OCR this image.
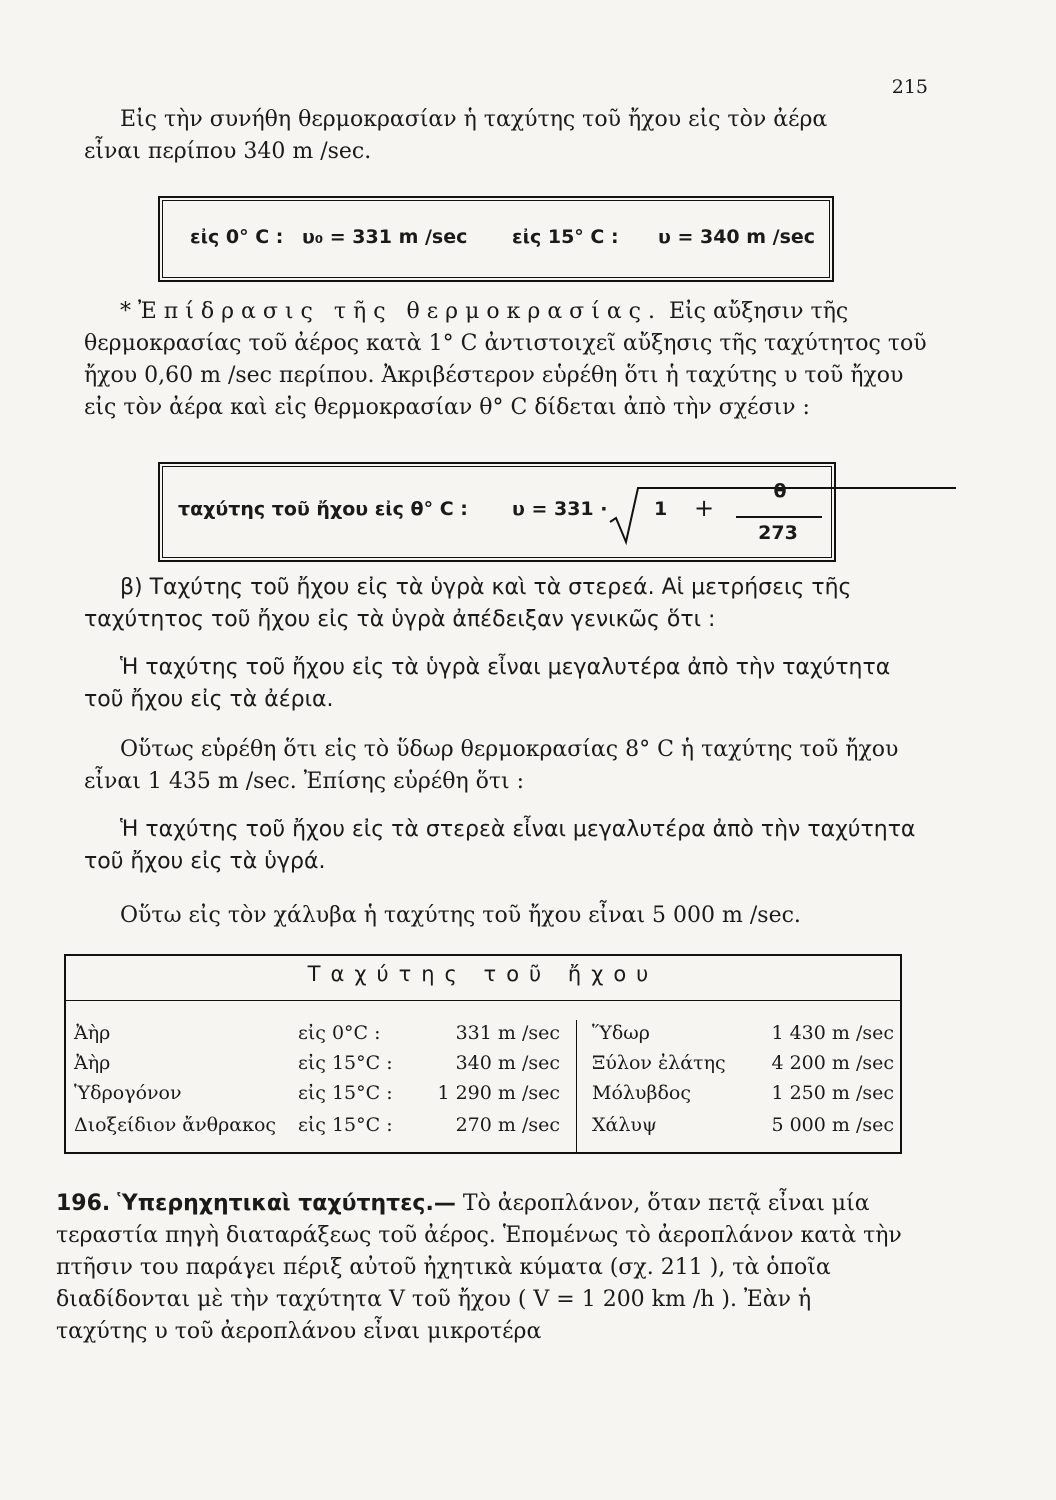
215

Εἰς τὴν συνήθη θερμοκρασίαν ἡ ταχύτης τοῦ ἤχου εἰς τὸν ἀέρα
εἶναι περίπου 340 m /sec.

εἰς 0° C : υ₀ = 331 m /sec εἰς 15° C : υ = 340 m /sec

*Ἐπίδρασις τῆς θερμοκρασίας. Εἰς αὔξησιν τῆς θερμοκρασίας τοῦ ἀέρος κατὰ 1° C ἀντιστοιχεῖ αὔξησις τῆς ταχύτητος τοῦ ἤχου 0,60 m /sec περίπου. Ἀκριβέστερον εὑρέθη ὅτι ἡ ταχύτης υ τοῦ ἤχου εἰς τὸν ἀέρα καὶ εἰς θερμοκρασίαν θ° C δίδεται ἀπὸ τὴν σχέσιν :

ταχύτης τοῦ ἤχου εἰς θ° C : υ = 331 · 1 +
θ
273

β) Ταχύτης τοῦ ἤχου εἰς τὰ ὑγρὰ καὶ τὰ στερεά. Αἱ μετρήσεις τῆς ταχύτητος τοῦ ἤχου εἰς τὰ ὑγρὰ ἀπέδειξαν γενικῶς ὅτι :

Ἡ ταχύτης τοῦ ἤχου εἰς τὰ ὑγρὰ εἶναι μεγαλυτέρα ἀπὸ τὴν ταχύτητα τοῦ ἤχου εἰς τὰ ἀέρια.

Οὕτως εὑρέθη ὅτι εἰς τὸ ὕδωρ θερμοκρασίας 8° C ἡ ταχύτης τοῦ ἤχου εἶναι 1 435 m /sec. Ἐπίσης εὑρέθη ὅτι :

Ἡ ταχύτης τοῦ ἤχου εἰς τὰ στερεὰ εἶναι μεγαλυτέρα ἀπὸ τὴν ταχύτητα τοῦ ἤχου εἰς τὰ ὑγρά.

Οὕτω εἰς τὸν χάλυβα ἡ ταχύτης τοῦ ἤχου εἶναι 5 000 m /sec.

Ταχύτης τοῦ ἤχου
Ἀὴρ	εἰς 0°C :	331 m /sec Ὕδωρ	1 430 m /sec
Ἀὴρ	εἰς 15°C :	340 m /sec Ξύλον ἐλάτης	4 200 m /sec
Ὑδρογόνον	εἰς 15°C :	1 290 m /sec Μόλυβδος	1 250 m /sec
Διοξείδιον ἄνθρακος εἰς 15°C :	270 m /sec Χάλυψ	5 000 m /sec

196. Ὑπερηχητικαὶ ταχύτητες.— Τὸ ἀεροπλάνον, ὅταν πετᾷ εἶναι μία τεραστία πηγὴ διαταράξεως τοῦ ἀέρος. Ἑπομένως τὸ ἀεροπλάνον κατὰ τὴν πτῆσιν του παράγει πέριξ αὐτοῦ ἠχητικὰ κύματα (σχ. 211 ), τὰ ὁποῖα διαδίδονται μὲ τὴν ταχύτητα V τοῦ ἤχου ( V = 1 200 km /h ). Ἐὰν ἡ ταχύτης υ τοῦ ἀεροπλάνου εἶναι μικροτέρα
